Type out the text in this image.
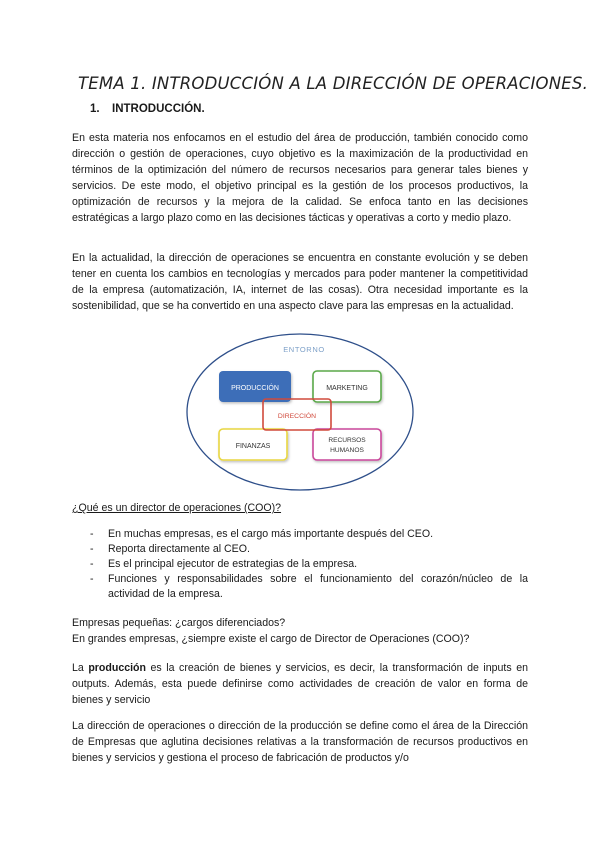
TEMA 1. INTRODUCCIÓN A LA DIRECCIÓN DE OPERACIONES.
1. INTRODUCCIÓN.

En esta materia nos enfocamos en el estudio del área de producción, también conocido como dirección o gestión de operaciones, cuyo objetivo es la maximización de la productividad en términos de la optimización del número de recursos necesarios para generar tales bienes y servicios. De este modo, el objetivo principal es la gestión de los procesos productivos, la optimización de recursos y la mejora de la calidad. Se enfoca tanto en las decisiones estratégicas a largo plazo como en las decisiones tácticas y operativas a corto y medio plazo.

En la actualidad, la dirección de operaciones se encuentra en constante evolución y se deben tener en cuenta los cambios en tecnologías y mercados para poder mantener la competitividad de la empresa (automatización, IA, internet de las cosas). Otra necesidad importante es la sostenibilidad, que se ha convertido en una aspecto clave para las empresas en la actualidad.

ENTORNO
PRODUCCIÓN	MARKETING
FINANZAS
RECURSOS
HUMANOS
DIRECCIÓN
¿Qué es un director de operaciones (COO)?
- En muchas empresas, es el cargo más importante después del CEO.
- Reporta directamente al CEO.
- Es el principal ejecutor de estrategias de la empresa.
- Funciones y responsabilidades sobre el funcionamiento del corazón/núcleo de la actividad de la empresa.

Empresas pequeñas: ¿cargos diferenciados?

En grandes empresas, ¿siempre existe el cargo de Director de Operaciones (COO)?

La producción es la creación de bienes y servicios, es decir, la transformación de inputs en outputs. Además, esta puede definirse como actividades de creación de valor en forma de bienes y servicio

La dirección de operaciones o dirección de la producción se define como el área de la Dirección de Empresas que aglutina decisiones relativas a la transformación de recursos productivos en bienes y servicios y gestiona el proceso de fabricación de productos y/o
